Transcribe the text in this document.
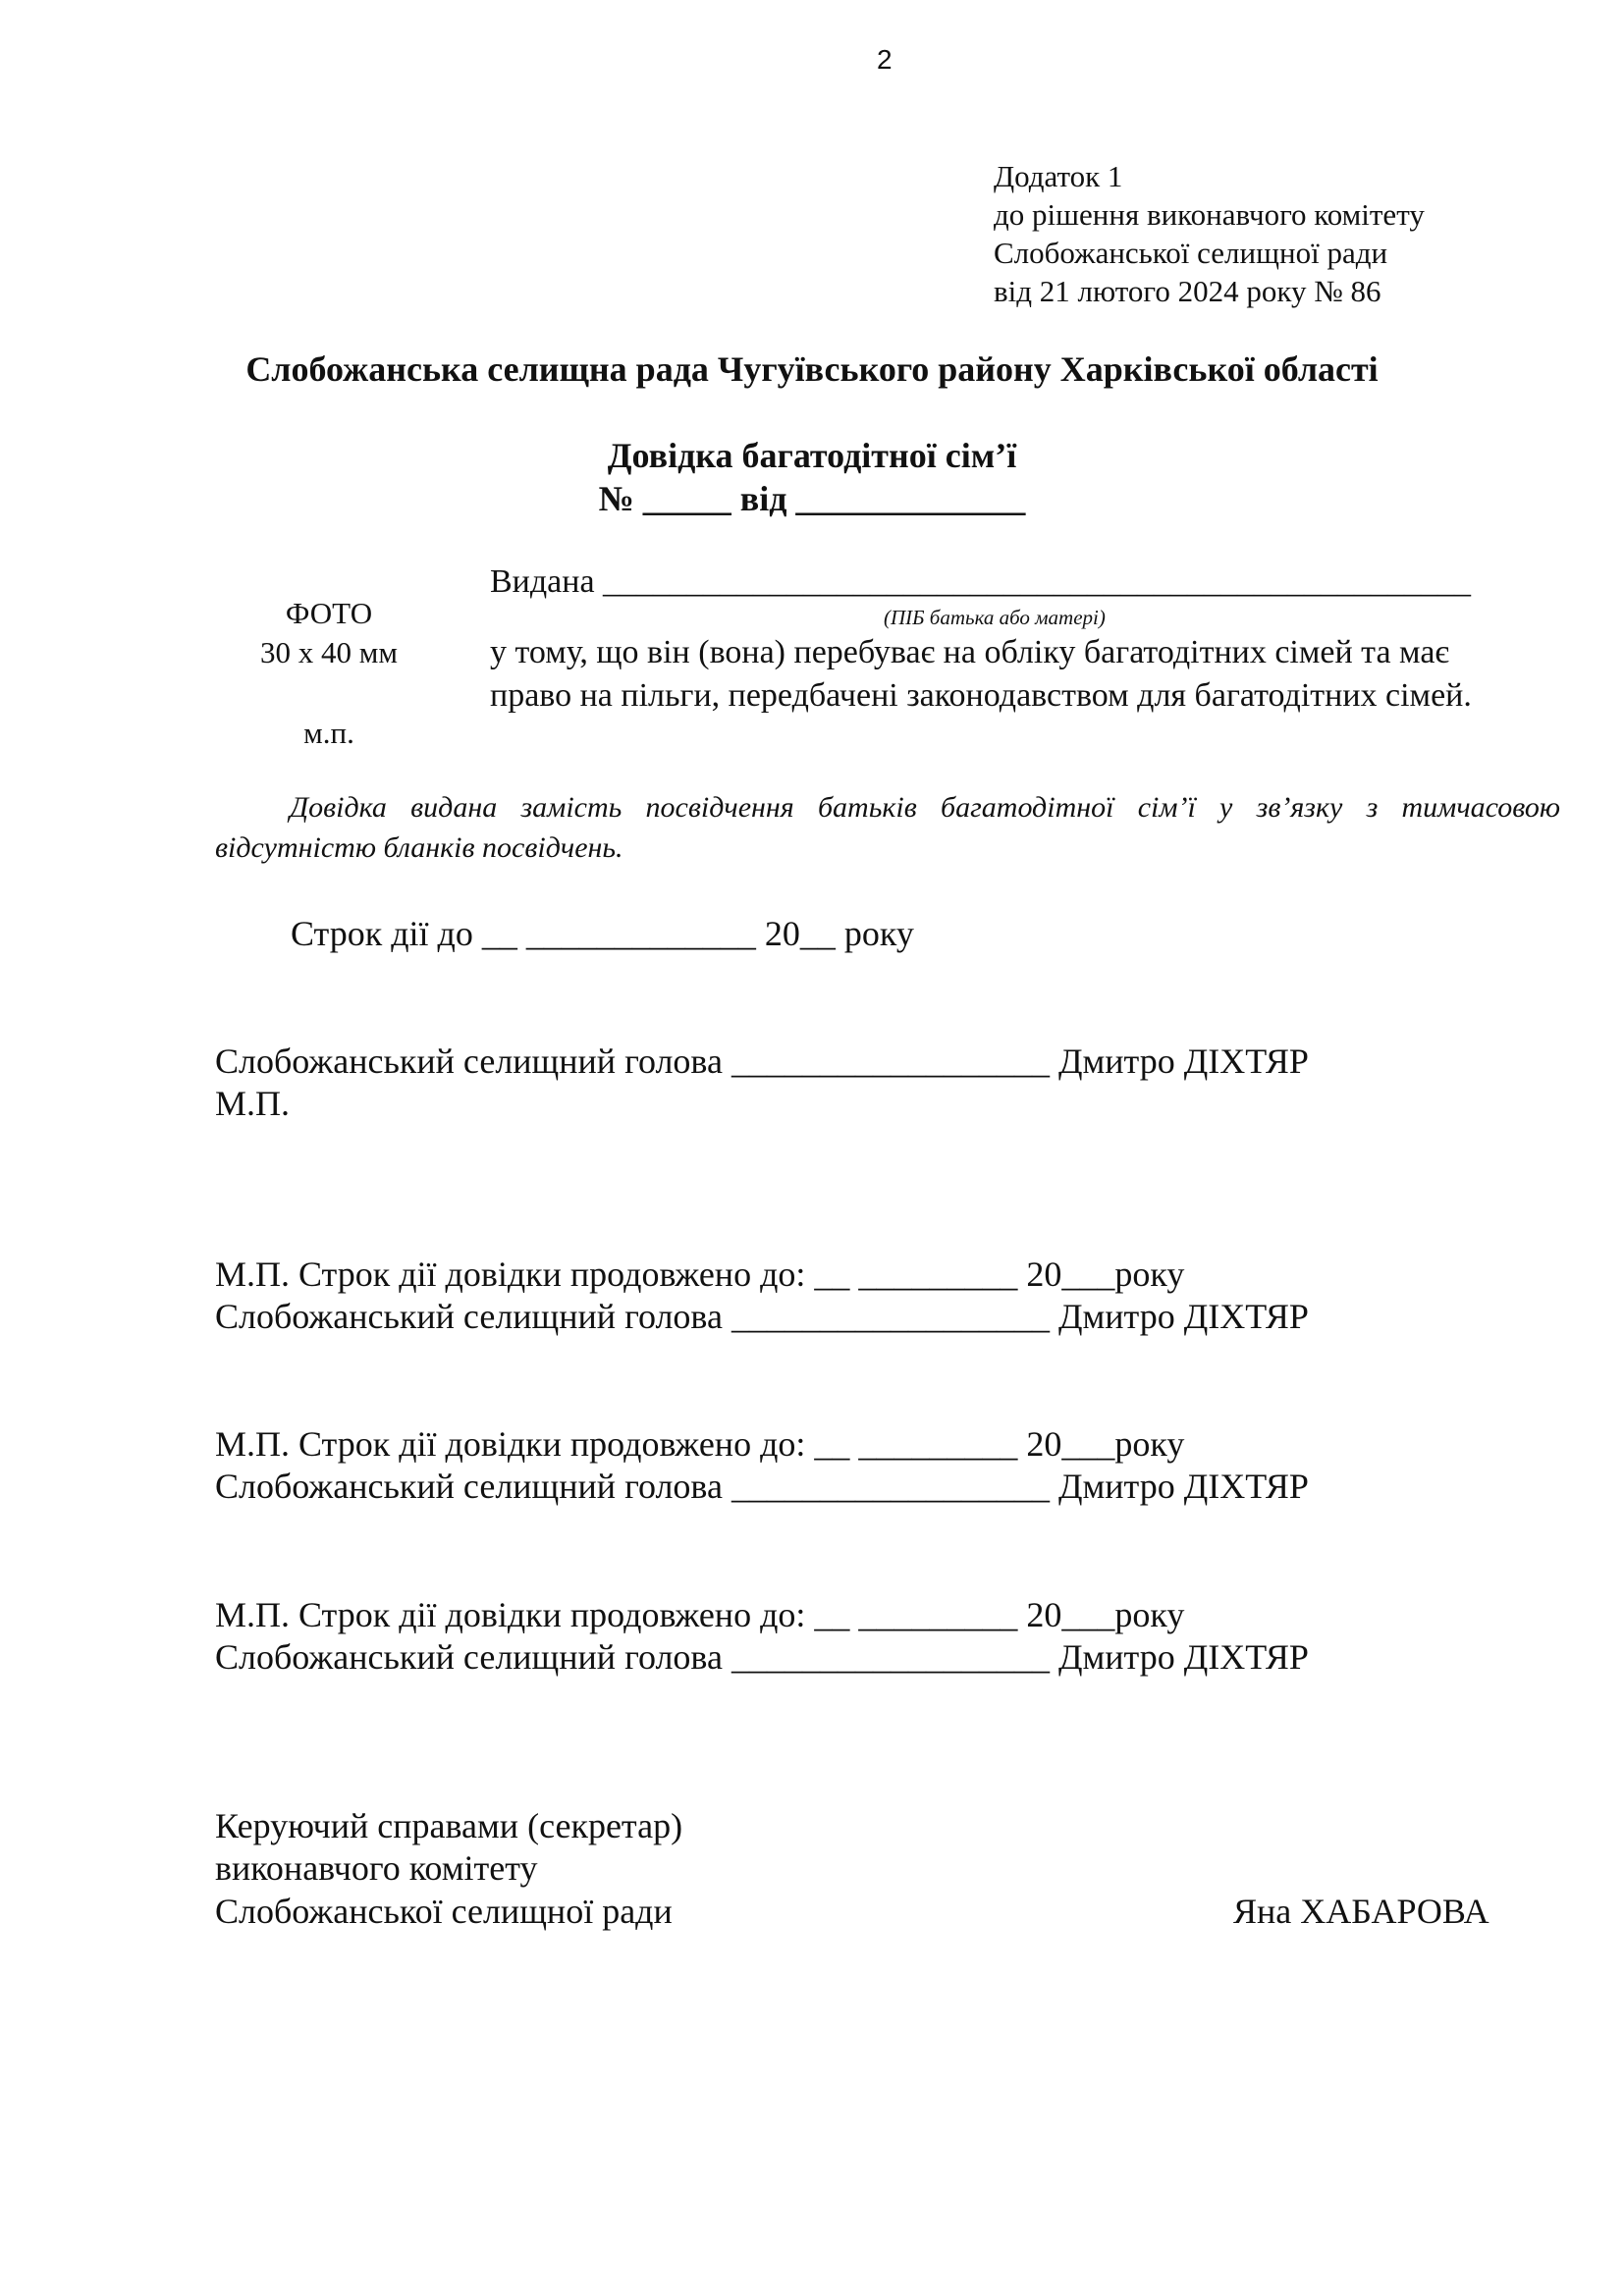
2
Додаток 1
до рішення виконавчого комітету
Слобожанської селищної ради
від 21 лютого 2024 року № 86
Слобожанська селищна рада Чугуївського району Харківської області
Довідка багатодітної сім’ї
№ _____ від _____________
Видана ____________________________________________________
(ПІБ батька або матері)
у тому, що він (вона) перебуває на обліку багатодітних сімей та має
право на пільги, передбачені законодавством для багатодітних сімей.
ФОТО
30 х 40 мм
м.п.
Довідка видана замість посвідчення батьків багатодітної сім’ї у зв’язку з тимчасовою відсутністю бланків посвідчень.
Строк дії до __ _____________ 20__ року
Слобожанський селищний голова __________________ Дмитро ДІХТЯР
М.П.
М.П. Строк дії довідки продовжено до: __ _________ 20___року
Слобожанський селищний голова __________________ Дмитро ДІХТЯР
М.П. Строк дії довідки продовжено до: __ _________ 20___року
Слобожанський селищний голова __________________ Дмитро ДІХТЯР
М.П. Строк дії довідки продовжено до: __ _________ 20___року
Слобожанський селищний голова __________________ Дмитро ДІХТЯР
Керуючий справами (секретар)
виконавчого комітету
Слобожанської селищної ради	Яна ХАБАРОВА
